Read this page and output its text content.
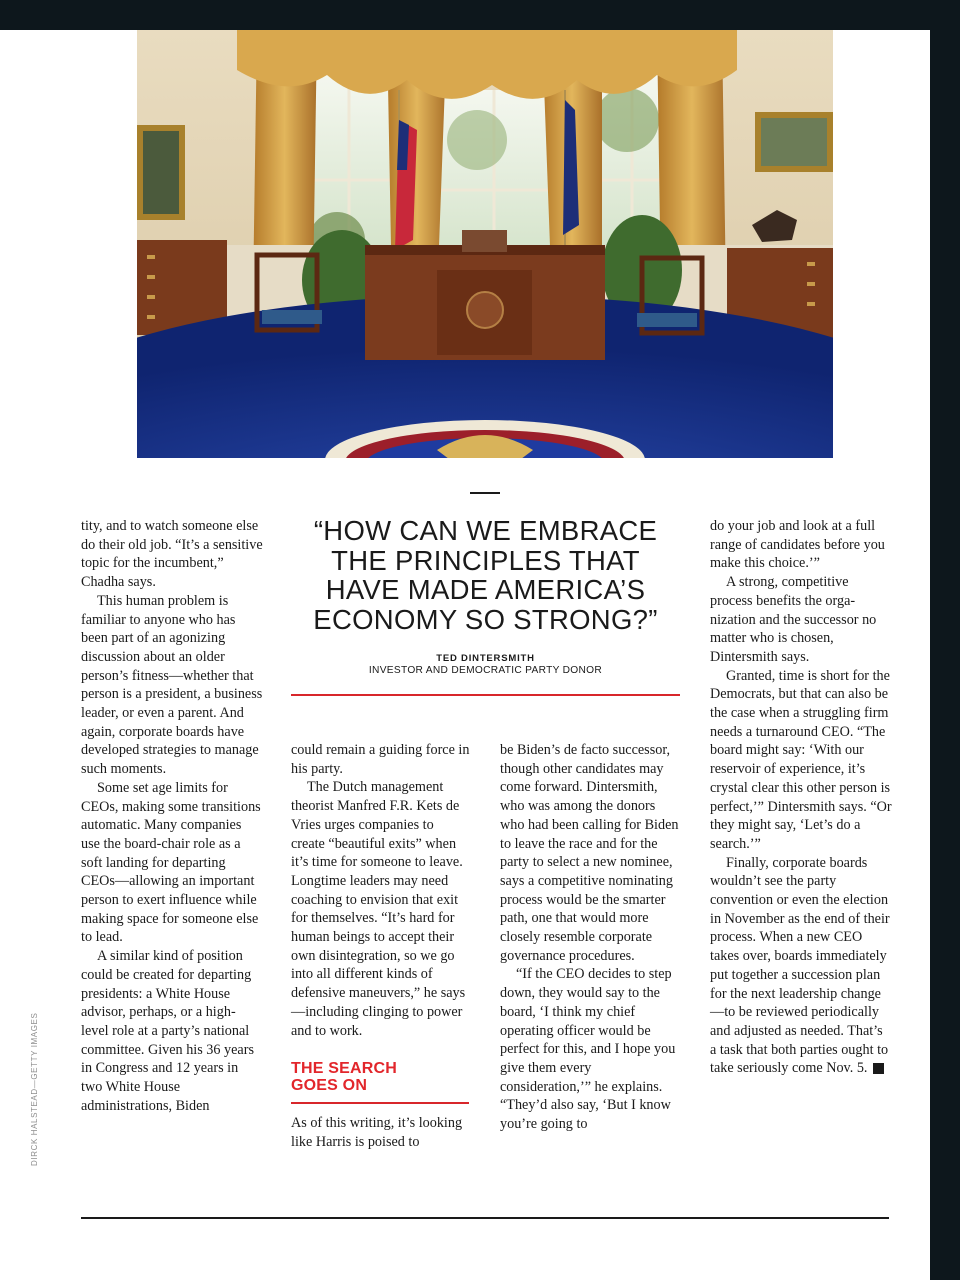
DIRCK HALSTEAD—GETTY IMAGES

tity, and to watch someone else do their old job. “It’s a sensitive topic for the incumbent,” Chadha says.

This human problem is familiar to anyone who has been part of an agonizing discussion about an older person’s fitness—whether that person is a president, a business leader, or even a parent. And again, corporate boards have developed strategies to manage such moments.

Some set age limits for CEOs, making some transitions automatic. Many companies use the board-chair role as a soft landing for departing CEOs—allowing an important person to exert influence while making space for someone else to lead.

A similar kind of position could be created for departing presidents: a White House advisor, perhaps, or a high-level role at a party’s national committee. Given his 36 years in Congress and 12 years in two White House administrations, Biden

“HOW CAN WE EMBRACE THE PRINCIPLES THAT HAVE MADE AMERICA’S ECONOMY SO STRONG?”
TED DINTERSMITH
INVESTOR AND DEMOCRATIC PARTY DONOR

could remain a guiding force in his party.

The Dutch management theorist Manfred F.R. Kets de Vries urges companies to create “beautiful exits” when it’s time for someone to leave. Longtime leaders may need coaching to envision that exit for themselves. “It’s hard for human beings to accept their own disintegration, so we go into all different kinds of defensive maneuvers,” he says—including clinging to power and to work.

THE SEARCH
GOES ON

As of this writing, it’s looking like Harris is poised to

be Biden’s de facto successor, though other candidates may come forward. Dintersmith, who was among the donors who had been calling for Biden to leave the race and for the party to select a new nominee, says a competitive nominating process would be the smarter path, one that would more closely resemble corporate governance procedures.

“If the CEO decides to step down, they would say to the board, ‘I think my chief operating officer would be perfect for this, and I hope you give them every consideration,’” he explains. “They’d also say, ‘But I know you’re going to

do your job and look at a full range of candidates before you make this choice.’”

A strong, competitive process benefits the organization and the successor no matter who is chosen, Dintersmith says.

Granted, time is short for the Democrats, but that can also be the case when a struggling firm needs a turnaround CEO. “The board might say: ‘With our reservoir of experience, it’s crystal clear this other person is perfect,’” Dintersmith says. “Or they might say, ‘Let’s do a search.’”

Finally, corporate boards wouldn’t see the party convention or even the election in November as the end of their process. When a new CEO takes over, boards immediately put together a succession plan for the next leadership change—to be reviewed periodically and adjusted as needed. That’s a task that both parties ought to take seriously come Nov. 5.	F
